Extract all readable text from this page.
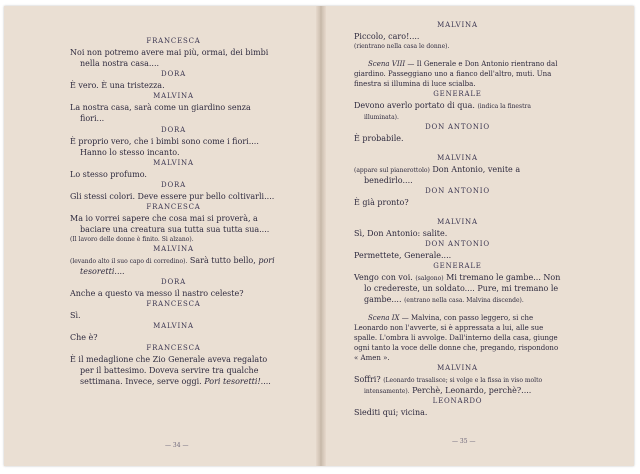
FRANCESCA

Noi non potremo avere mai più, ormai, dei bimbi nella nostra casa....

DORA

È vero. È una tristezza.

MALVINA

La nostra casa, sarà come un giardino senza fiori...

DORA

È proprio vero, che i bimbi sono come i fiori.... Hanno lo stesso incanto.

MALVINA

Lo stesso profumo.

DORA

Gli stessi colori. Deve essere pur bello coltivarli....

FRANCESCA

Ma io vorrei sapere che cosa mai si proverà, a baciare una creatura sua tutta sua tutta sua....

(Il lavoro delle donne è finito. Si alzano).

MALVINA

(levando alto il suo capo di corredino). Sarà tutto bello, pori tesoretti....

DORA

Anche a questo va messo il nastro celeste?

FRANCESCA

Sì.

MALVINA

Che è?

FRANCESCA

È il medaglione che Zio Generale aveva regalato per il battesimo. Doveva servire tra qualche settimana. Invece, serve oggi. Pori tesoretti!....

— 34 —

MALVINA

Piccolo, caro!....

(rientrano nella casa le donne).

Scena VIII — Il Generale e Don Antonio rientrano dal giardino. Passeggiano uno a fianco dell'altro, muti. Una finestra si illumina di luce scialba.

GENERALE

Devono averlo portato di qua. (indica la finestra illuminata).

DON ANTONIO

È probabile.

MALVINA

(appare sul pianerottolo) Don Antonio, venite a benedirlo....

DON ANTONIO

È già pronto?

MALVINA

Sì, Don Antonio: salite.

DON ANTONIO

Permettete, Generale....

GENERALE

Vengo con voi. (salgono) Mi tremano le gambe... Non lo credereste, un soldato.... Pure, mi tremano le gambe.... (entrano nella casa. Malvina discende).

Scena IX — Malvina, con passo leggero, si che Leonardo non l'avverte, si è appressata a lui, alle sue spalle. L'ombra li avvolge. Dall'interno della casa, giunge ogni tanto la voce delle donne che, pregando, rispondono « Amen ».

MALVINA

Soffri? (Leonardo trasalisce; si volge e la fissa in viso molto intensamente). Perchè, Leonardo, perchè?....

LEONARDO

Siediti qui; vicina.

— 35 —
